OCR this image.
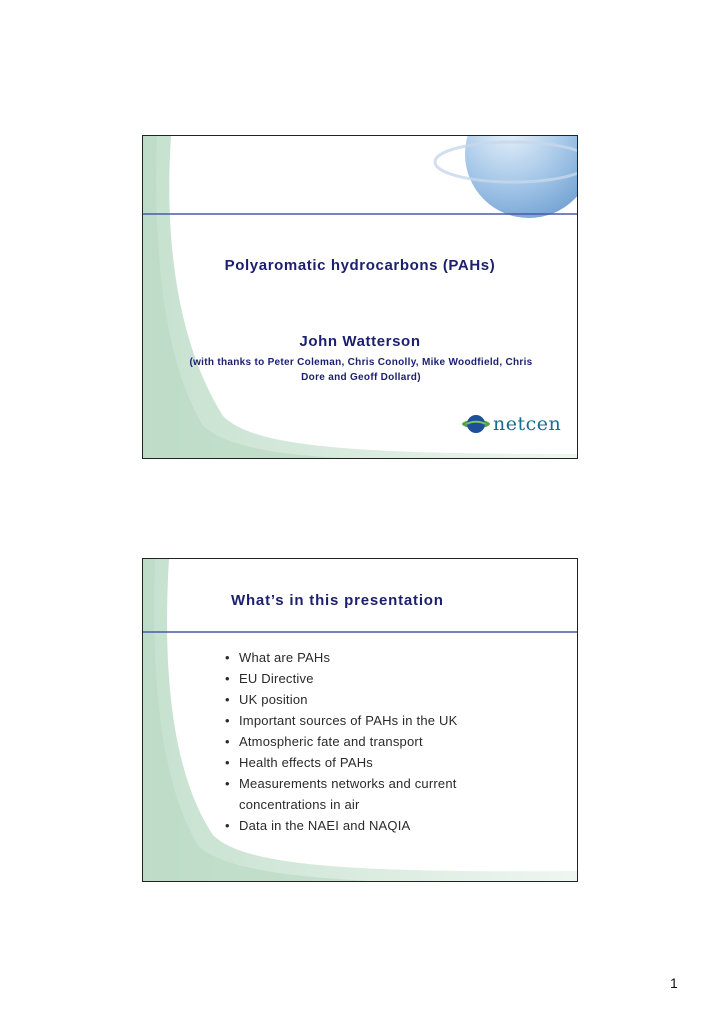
Polyaromatic hydrocarbons (PAHs)
John Watterson
(with thanks to Peter Coleman, Chris Conolly, Mike Woodfield, Chris Dore and Geoff Dollard)
netcen
What’s in this presentation
• What are PAHs
• EU Directive
• UK position
• Important sources of PAHs in the UK
• Atmospheric fate and transport
• Health effects of PAHs
• Measurements networks and current concentrations in air
• Data in the NAEI and NAQIA
1
